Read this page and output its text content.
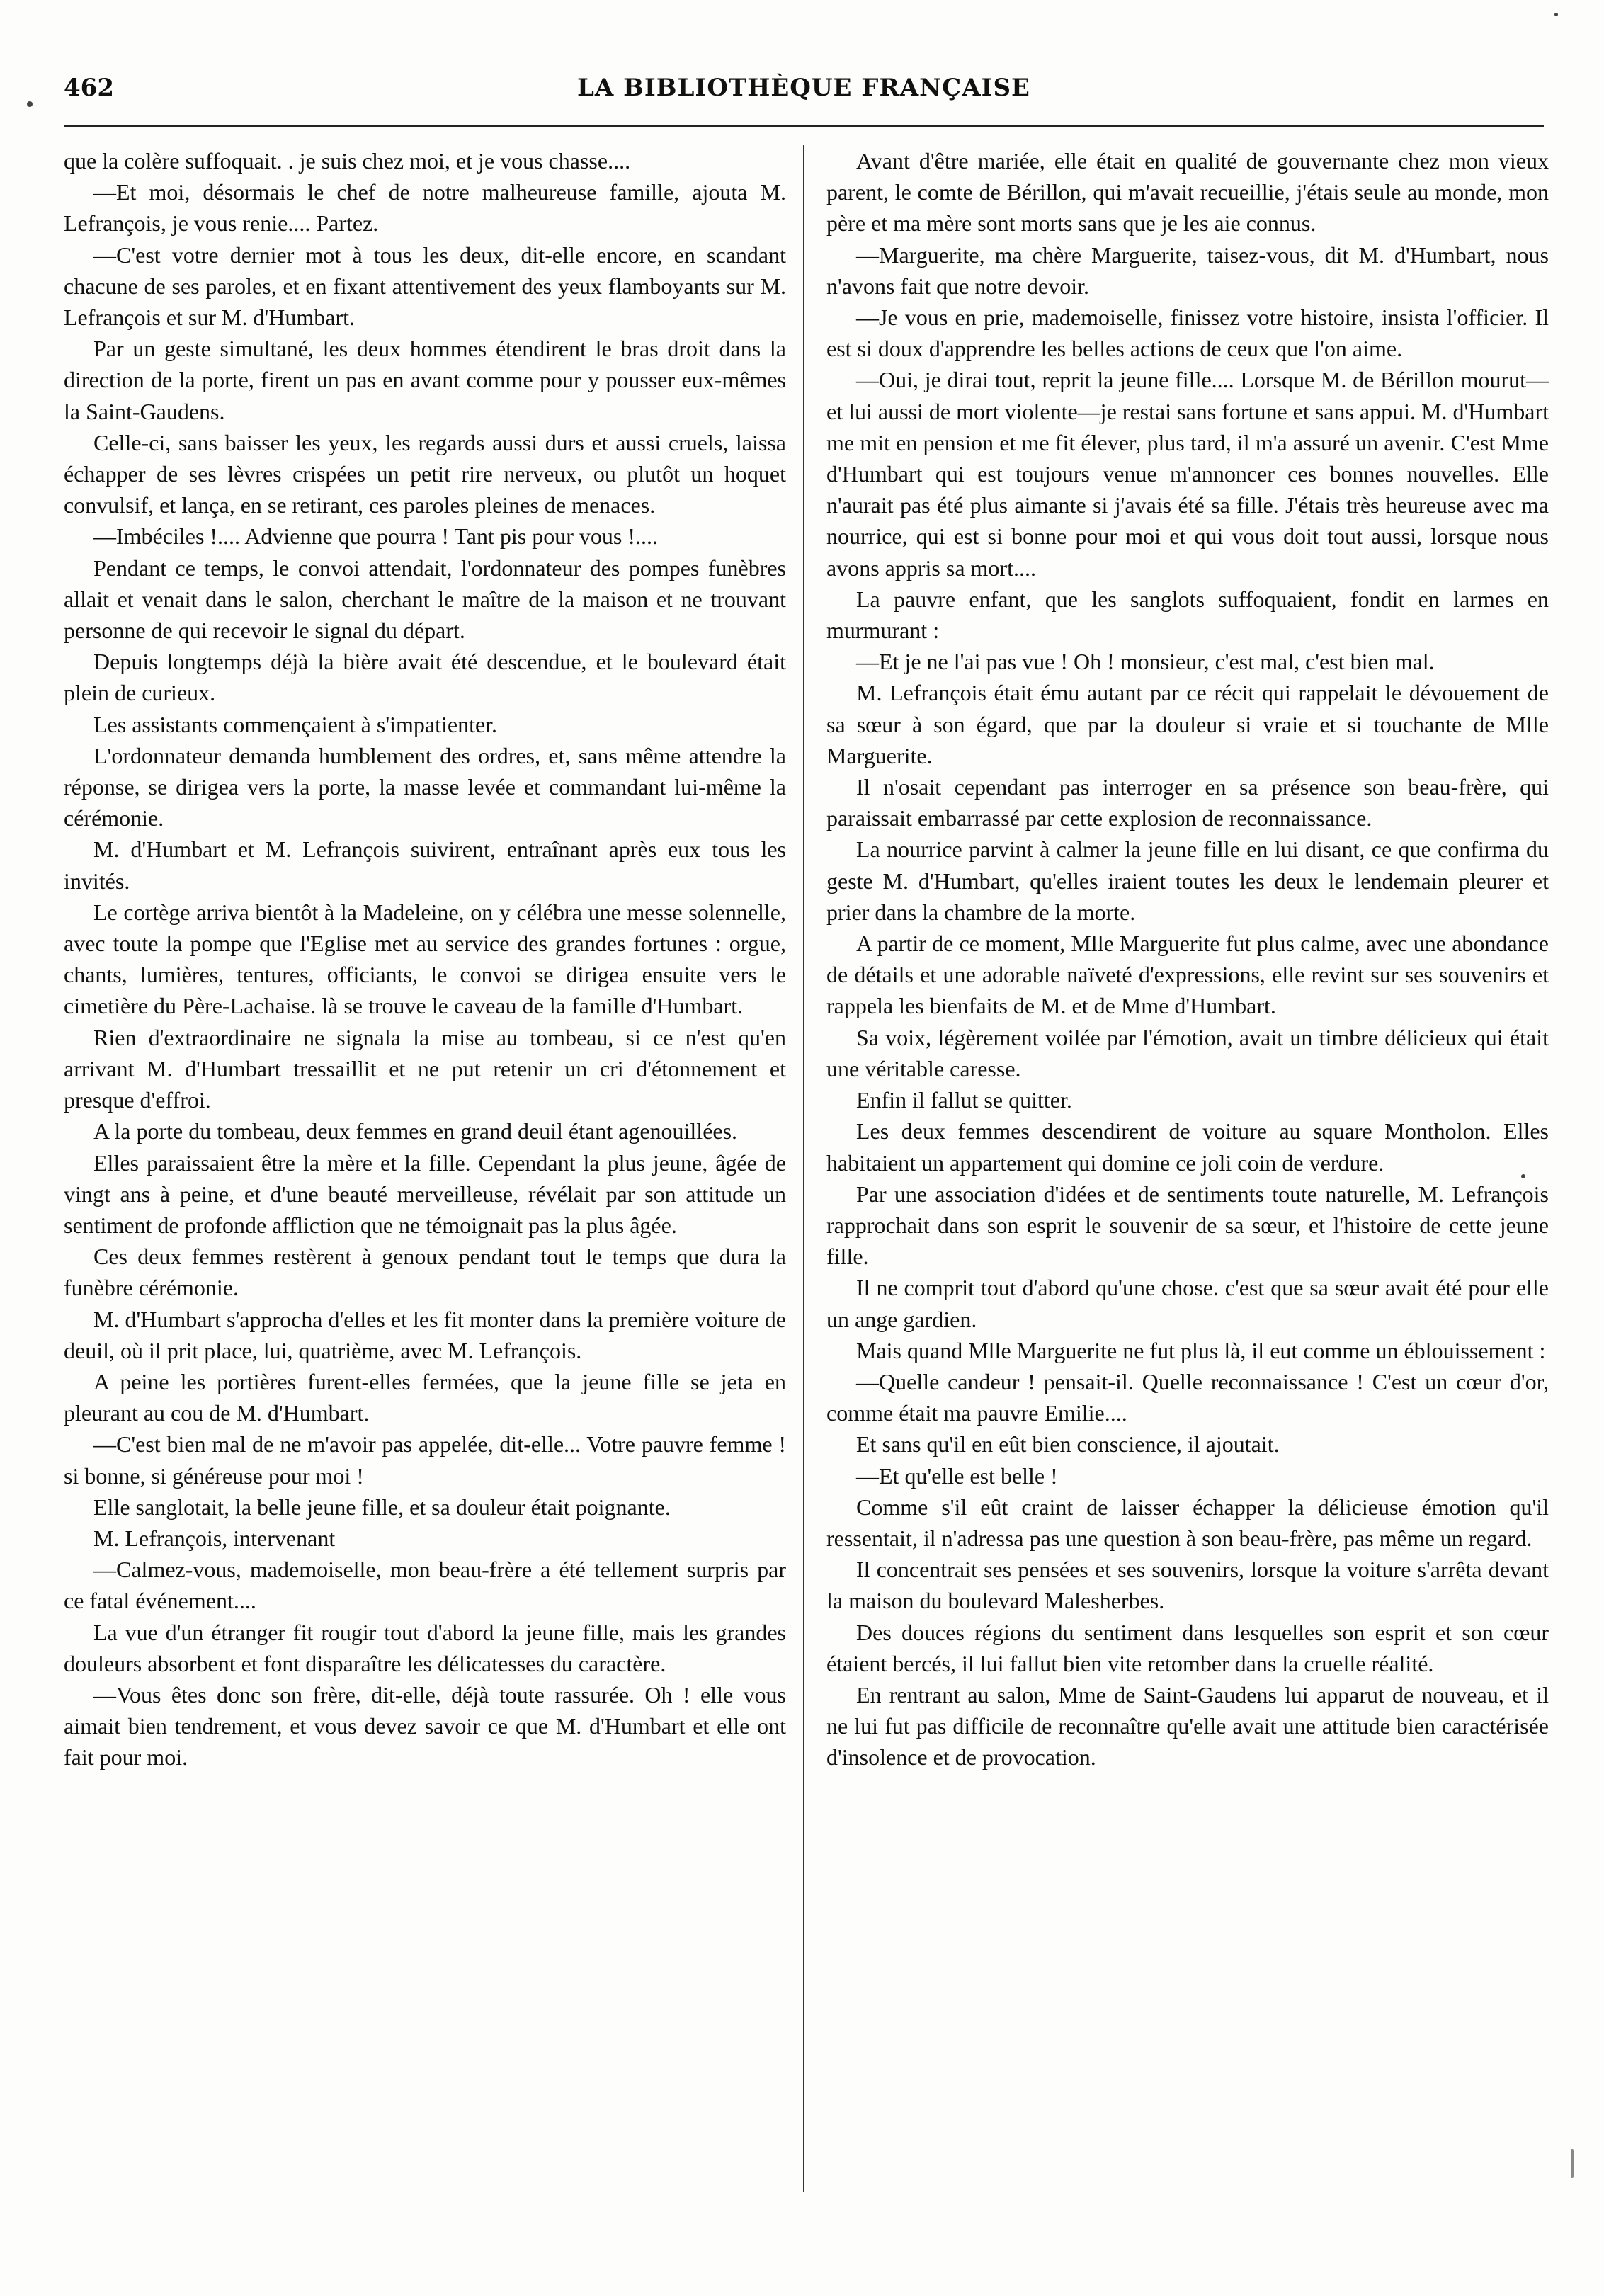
462	LA BIBLIOTHÈQUE FRANÇAISE

que la colère suffoquait. . je suis chez moi, et je vous chasse....

—Et moi, désormais le chef de notre malheureuse famille, ajouta M. Lefrançois, je vous renie.... Partez.

—C'est votre dernier mot à tous les deux, dit-elle encore, en scandant chacune de ses paroles, et en fixant attentivement des yeux flamboyants sur M. Lefrançois et sur M. d'Humbart.

Par un geste simultané, les deux hommes étendirent le bras droit dans la direction de la porte, firent un pas en avant comme pour y pousser eux-mêmes la Saint-Gaudens.

Celle-ci, sans baisser les yeux, les regards aussi durs et aussi cruels, laissa échapper de ses lèvres crispées un petit rire nerveux, ou plutôt un hoquet convulsif, et lança, en se retirant, ces paroles pleines de menaces.

—Imbéciles !.... Advienne que pourra ! Tant pis pour vous !....

Pendant ce temps, le convoi attendait, l'ordonnateur des pompes funèbres allait et venait dans le salon, cherchant le maître de la maison et ne trouvant personne de qui recevoir le signal du départ.

Depuis longtemps déjà la bière avait été descendue, et le boulevard était plein de curieux.

Les assistants commençaient à s'impatienter.

L'ordonnateur demanda humblement des ordres, et, sans même attendre la réponse, se dirigea vers la porte, la masse levée et commandant lui-même la cérémonie.

M. d'Humbart et M. Lefrançois suivirent, entraînant après eux tous les invités.

Le cortège arriva bientôt à la Madeleine, on y célébra une messe solennelle, avec toute la pompe que l'Eglise met au service des grandes fortunes : orgue, chants, lumières, tentures, officiants, le convoi se dirigea ensuite vers le cimetière du Père-Lachaise. là se trouve le caveau de la famille d'Humbart.

Rien d'extraordinaire ne signala la mise au tombeau, si ce n'est qu'en arrivant M. d'Humbart tressaillit et ne put retenir un cri d'étonnement et presque d'effroi.

A la porte du tombeau, deux femmes en grand deuil étant agenouillées.

Elles paraissaient être la mère et la fille. Cependant la plus jeune, âgée de vingt ans à peine, et d'une beauté merveilleuse, révélait par son attitude un sentiment de profonde affliction que ne témoignait pas la plus âgée.

Ces deux femmes restèrent à genoux pendant tout le temps que dura la funèbre cérémonie.

M. d'Humbart s'approcha d'elles et les fit monter dans la première voiture de deuil, où il prit place, lui, quatrième, avec M. Lefrançois.

A peine les portières furent-elles fermées, que la jeune fille se jeta en pleurant au cou de M. d'Humbart.

—C'est bien mal de ne m'avoir pas appelée, dit-elle... Votre pauvre femme ! si bonne, si généreuse pour moi !

Elle sanglotait, la belle jeune fille, et sa douleur était poignante.

M. Lefrançois, intervenant

—Calmez-vous, mademoiselle, mon beau-frère a été tellement surpris par ce fatal événement....

La vue d'un étranger fit rougir tout d'abord la jeune fille, mais les grandes douleurs absorbent et font disparaître les délicatesses du caractère.

—Vous êtes donc son frère, dit-elle, déjà toute rassurée. Oh ! elle vous aimait bien tendrement, et vous devez savoir ce que M. d'Humbart et elle ont fait pour moi.

Avant d'être mariée, elle était en qualité de gouvernante chez mon vieux parent, le comte de Bérillon, qui m'avait recueillie, j'étais seule au monde, mon père et ma mère sont morts sans que je les aie connus.

—Marguerite, ma chère Marguerite, taisez-vous, dit M. d'Humbart, nous n'avons fait que notre devoir.

—Je vous en prie, mademoiselle, finissez votre histoire, insista l'officier. Il est si doux d'apprendre les belles actions de ceux que l'on aime.

—Oui, je dirai tout, reprit la jeune fille.... Lorsque M. de Bérillon mourut—et lui aussi de mort violente—je restai sans fortune et sans appui. M. d'Humbart me mit en pension et me fit élever, plus tard, il m'a assuré un avenir. C'est Mme d'Humbart qui est toujours venue m'annoncer ces bonnes nouvelles. Elle n'aurait pas été plus aimante si j'avais été sa fille. J'étais très heureuse avec ma nourrice, qui est si bonne pour moi et qui vous doit tout aussi, lorsque nous avons appris sa mort....

La pauvre enfant, que les sanglots suffoquaient, fondit en larmes en murmurant :

—Et je ne l'ai pas vue ! Oh ! monsieur, c'est mal, c'est bien mal.

M. Lefrançois était ému autant par ce récit qui rappelait le dévouement de sa sœur à son égard, que par la douleur si vraie et si touchante de Mlle Marguerite.

Il n'osait cependant pas interroger en sa présence son beau-frère, qui paraissait embarrassé par cette explosion de reconnaissance.

La nourrice parvint à calmer la jeune fille en lui disant, ce que confirma du geste M. d'Humbart, qu'elles iraient toutes les deux le lendemain pleurer et prier dans la chambre de la morte.

A partir de ce moment, Mlle Marguerite fut plus calme, avec une abondance de détails et une adorable naïveté d'expressions, elle revint sur ses souvenirs et rappela les bienfaits de M. et de Mme d'Humbart.

Sa voix, légèrement voilée par l'émotion, avait un timbre délicieux qui était une véritable caresse.

Enfin il fallut se quitter.

Les deux femmes descendirent de voiture au square Montholon. Elles habitaient un appartement qui domine ce joli coin de verdure.

Par une association d'idées et de sentiments toute naturelle, M. Lefrançois rapprochait dans son esprit le souvenir de sa sœur, et l'histoire de cette jeune fille.

Il ne comprit tout d'abord qu'une chose. c'est que sa sœur avait été pour elle un ange gardien.

Mais quand Mlle Marguerite ne fut plus là, il eut comme un éblouissement :

—Quelle candeur ! pensait-il. Quelle reconnaissance ! C'est un cœur d'or, comme était ma pauvre Emilie....

Et sans qu'il en eût bien conscience, il ajoutait.

—Et qu'elle est belle !

Comme s'il eût craint de laisser échapper la délicieuse émotion qu'il ressentait, il n'adressa pas une question à son beau-frère, pas même un regard.

Il concentrait ses pensées et ses souvenirs, lorsque la voiture s'arrêta devant la maison du boulevard Malesherbes.

Des douces régions du sentiment dans lesquelles son esprit et son cœur étaient bercés, il lui fallut bien vite retomber dans la cruelle réalité.

En rentrant au salon, Mme de Saint-Gaudens lui apparut de nouveau, et il ne lui fut pas difficile de reconnaître qu'elle avait une attitude bien caractérisée d'insolence et de provocation.
